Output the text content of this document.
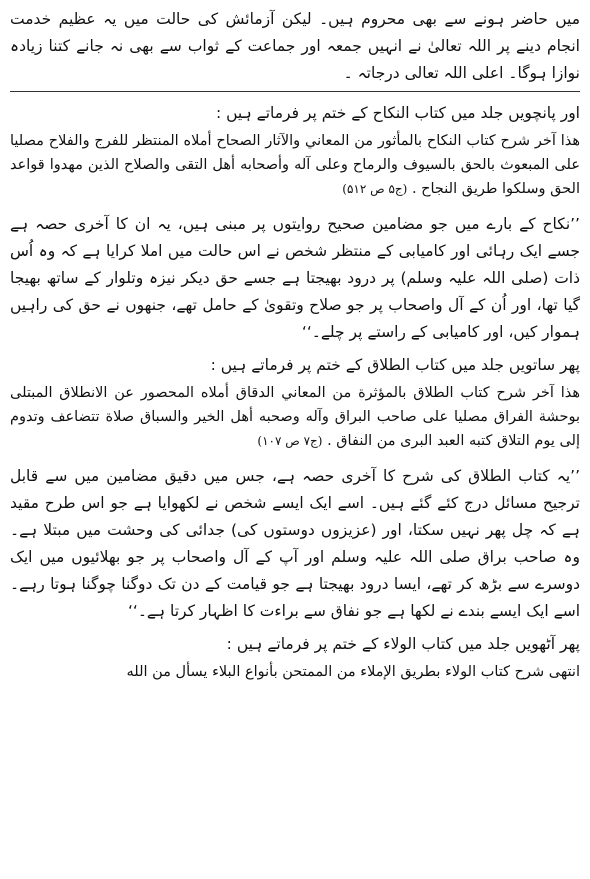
میں حاضر ہونے سے بھی محروم ہیں۔ لیکن آزمائش کی حالت میں یہ عظیم خدمت انجام دینے پر اللہ تعالیٰ نے انہیں جمعہ اور جماعت کے ثواب سے بھی نہ جانے کتنا زیادہ نوازا ہوگا۔ اعلی اللہ تعالی درجاتہ ۔
اور پانچویں جلد میں کتاب النکاح کے ختم پر فرماتے ہیں :
هذا آخر شرح كتاب النكاح بالمأثور من المعاني والآثار الصحاح أملاه المنتظر للفرج والفلاح مصليا على المبعوث بالحق بالسيوف والرماح وعلى آله وأصحابه أهل التقى والصلاح الذين مهدوا قواعد الحق وسلكوا طريق النجاح . (ج۵ ص ۵۱۲)
’’نکاح کے بارے میں جو مضامین صحیح روایتوں پر مبنی ہیں، یہ ان کا آخری حصہ ہے جسے ایک رہائی اور کامیابی کے منتظر شخص نے اس حالت میں املا کرایا ہے کہ وہ اُس ذات (صلی اللہ علیہ وسلم) پر درود بھیجتا ہے جسے حق دیکر نیزہ وتلوار کے ساتھ بھیجا گیا تھا، اور اُن کے آل واصحاب پر جو صلاح وتقویٰ کے حامل تھے، جنھوں نے حق کی راہیں ہموار کیں، اور کامیابی کے راستے پر چلے۔‘‘
پھر ساتویں جلد میں کتاب الطلاق کے ختم پر فرماتے ہیں :
هذا آخر شرح كتاب الطلاق بالمؤثرة من المعاني الدقاق أملاه المحصور عن الانطلاق المبتلى بوحشة الفراق مصليا على صاحب البراق وآله وصحبه أهل الخير والسباق صلاة تتضاعف وتدوم إلى يوم التلاق كتبه العبد البرى من النفاق . (ج۷ ص ۱۰۷)
’’یہ کتاب الطلاق کی شرح کا آخری حصہ ہے، جس میں دقیق مضامین میں سے قابل ترجیح مسائل درج کئے گئے ہیں۔ اسے ایک ایسے شخص نے لکھوایا ہے جو اس طرح مقید ہے کہ چل پھر نہیں سکتا، اور (عزیزوں دوستوں کی) جدائی کی وحشت میں مبتلا ہے۔ وہ صاحب براق صلی اللہ علیہ وسلم اور آپ کے آل واصحاب پر جو بھلائیوں میں ایک دوسرے سے بڑھ کر تھے، ایسا درود بھیجتا ہے جو قیامت کے دن تک دوگنا چوگنا ہوتا رہے۔ اسے ایک ایسے بندے نے لکھا ہے جو نفاق سے براءت کا اظہار کرتا ہے۔‘‘
پھر آٹھویں جلد میں کتاب الولاء کے ختم پر فرماتے ہیں :
انتهى شرح كتاب الولاء بطريق الإملاء من الممتحن بأنواع البلاء يسأل من الله
